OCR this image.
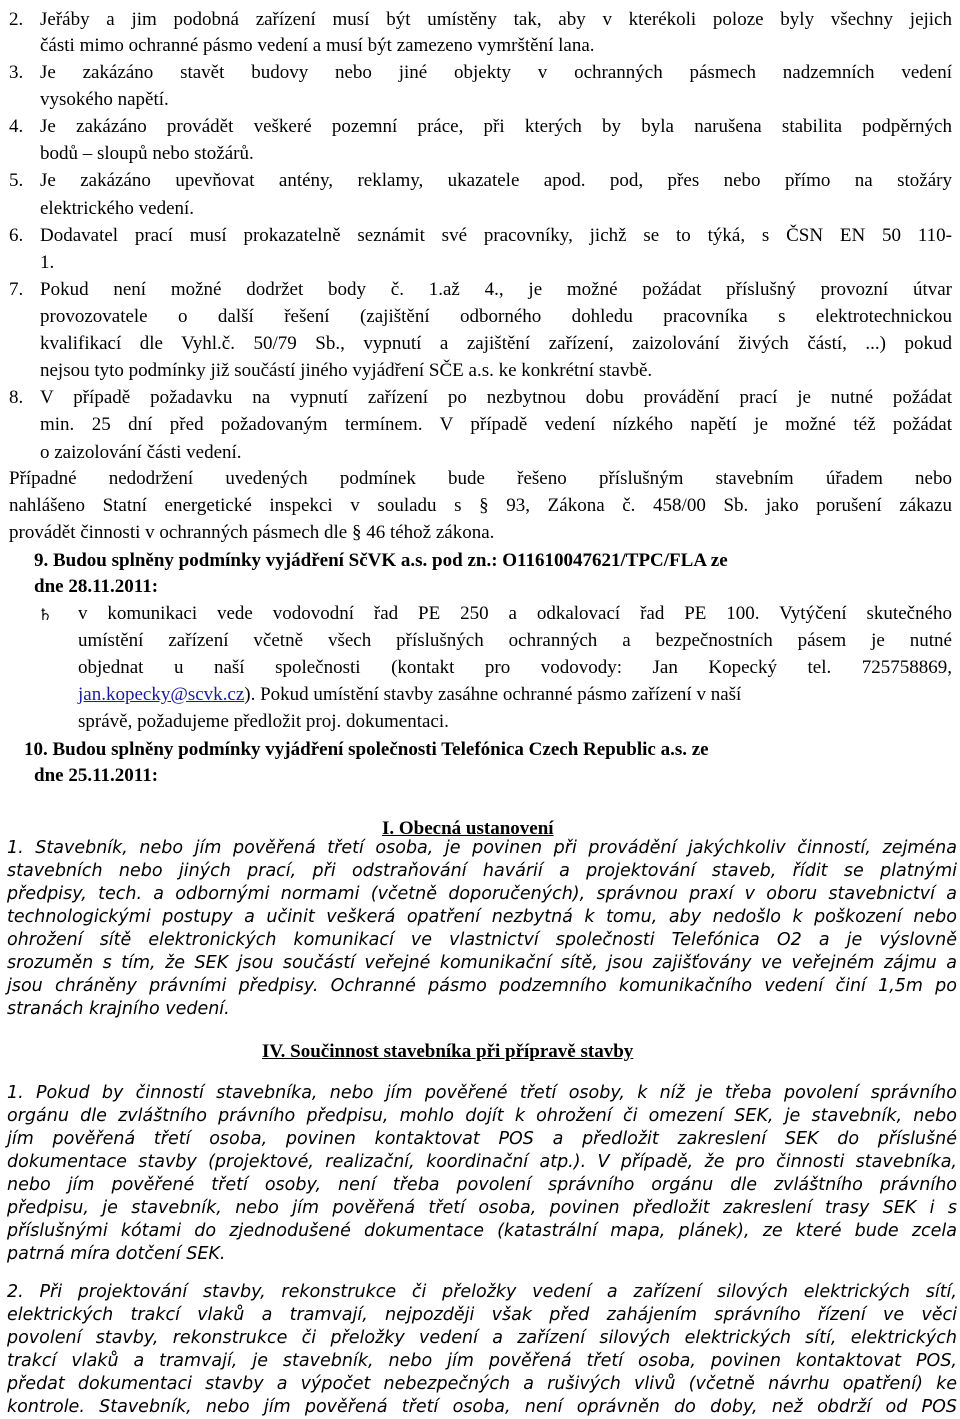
2. Jeřáby a jim podobná zařízení musí být umístěny tak, aby v kterékoli poloze byly všechny jejich
části mimo ochranné pásmo vedení a musí být zamezeno vymrštění lana.
3. Je zakázáno stavět budovy nebo jiné objekty v ochranných pásmech nadzemních vedení
vysokého napětí.
4. Je zakázáno provádět veškeré pozemní práce, při kterých by byla narušena stabilita podpěrných
bodů – sloupů nebo stožárů.
5. Je zakázáno upevňovat antény, reklamy, ukazatele apod. pod, přes nebo přímo na stožáry
elektrického vedení.
6. Dodavatel prací musí prokazatelně seznámit své pracovníky, jichž se to týká, s ČSN EN 50 110-
1.
7. Pokud není možné dodržet body č. 1.až 4., je možné požádat příslušný provozní útvar
provozovatele o další řešení (zajištění odborného dohledu pracovníka s elektrotechnickou
kvalifikací dle Vyhl.č. 50/79 Sb., vypnutí a zajištění zařízení, zaizolování živých částí, ...) pokud
nejsou tyto podmínky již součástí jiného vyjádření SČE a.s. ke konkrétní stavbě.
8. V případě požadavku na vypnutí zařízení po nezbytnou dobu provádění prací je nutné požádat
min. 25 dní před požadovaným termínem. V případě vedení nízkého napětí je možné též požádat
o zaizolování části vedení.
Případné nedodržení uvedených podmínek bude řešeno příslušným stavebním úřadem nebo
nahlášeno Statní energetické inspekci v souladu s § 93, Zákona č. 458/00 Sb. jako porušení zákazu
provádět činnosti v ochranných pásmech dle § 46 téhož zákona.
9. Budou splněny podmínky vyjádření SčVK a.s. pod zn.: O11610047621/TPC/FLA ze
dne 28.11.2011:
♄ v komunikaci vede vodovodní řad PE 250 a odkalovací řad PE 100. Vytýčení skutečného
umístění zařízení včetně všech příslušných ochranných a bezpečnostních pásem je nutné
objednat u naší společnosti (kontakt pro vodovody: Jan Kopecký tel. 725758869,
jan.kopecky@scvk.cz). Pokud umístění stavby zasáhne ochranné pásmo zařízení v naší
správě, požadujeme předložit proj. dokumentaci.
10. Budou splněny podmínky vyjádření společnosti Telefónica Czech Republic a.s. ze
dne 25.11.2011:
I. Obecná ustanovení
1. Stavebník, nebo jím pověřená třetí osoba, je povinen při provádění jakýchkoliv činností, zejména
stavebních nebo jiných prací, při odstraňování havárií a projektování staveb, řídit se platnými
předpisy, tech. a odbornými normami (včetně doporučených), správnou praxí v oboru stavebnictví a
technologickými postupy a učinit veškerá opatření nezbytná k tomu, aby nedošlo k poškození nebo
ohrožení sítě elektronických komunikací ve vlastnictví společnosti Telefónica O2 a je výslovně
srozuměn s tím, že SEK jsou součástí veřejné komunikační sítě, jsou zajišťovány ve veřejném zájmu a
jsou chráněny právními předpisy. Ochranné pásmo podzemního komunikačního vedení činí 1,5m po
stranách krajního vedení.
IV. Součinnost stavebníka při přípravě stavby
1. Pokud by činností stavebníka, nebo jím pověřené třetí osoby, k níž je třeba povolení správního
orgánu dle zvláštního právního předpisu, mohlo dojít k ohrožení či omezení SEK, je stavebník, nebo
jím pověřená třetí osoba, povinen kontaktovat POS a předložit zakreslení SEK do příslušné
dokumentace stavby (projektové, realizační, koordinační atp.). V případě, že pro činnosti stavebníka,
nebo jím pověřené třetí osoby, není třeba povolení správního orgánu dle zvláštního právního
předpisu, je stavebník, nebo jím pověřená třetí osoba, povinen předložit zakreslení trasy SEK i s
příslušnými kótami do zjednodušené dokumentace (katastrální mapa, plánek), ze které bude zcela
patrná míra dotčení SEK.
2. Při projektování stavby, rekonstrukce či přeložky vedení a zařízení silových elektrických sítí,
elektrických trakcí vlaků a tramvají, nejpozději však před zahájením správního řízení ve věci
povolení stavby, rekonstrukce či přeložky vedení a zařízení silových elektrických sítí, elektrických
trakcí vlaků a tramvají, je stavebník, nebo jím pověřená třetí osoba, povinen kontaktovat POS,
předat dokumentaci stavby a výpočet nebezpečných a rušivých vlivů (včetně návrhu opatření) ke
kontrole. Stavebník, nebo jím pověřená třetí osoba, není oprávněn do doby, než obdrží od POS
